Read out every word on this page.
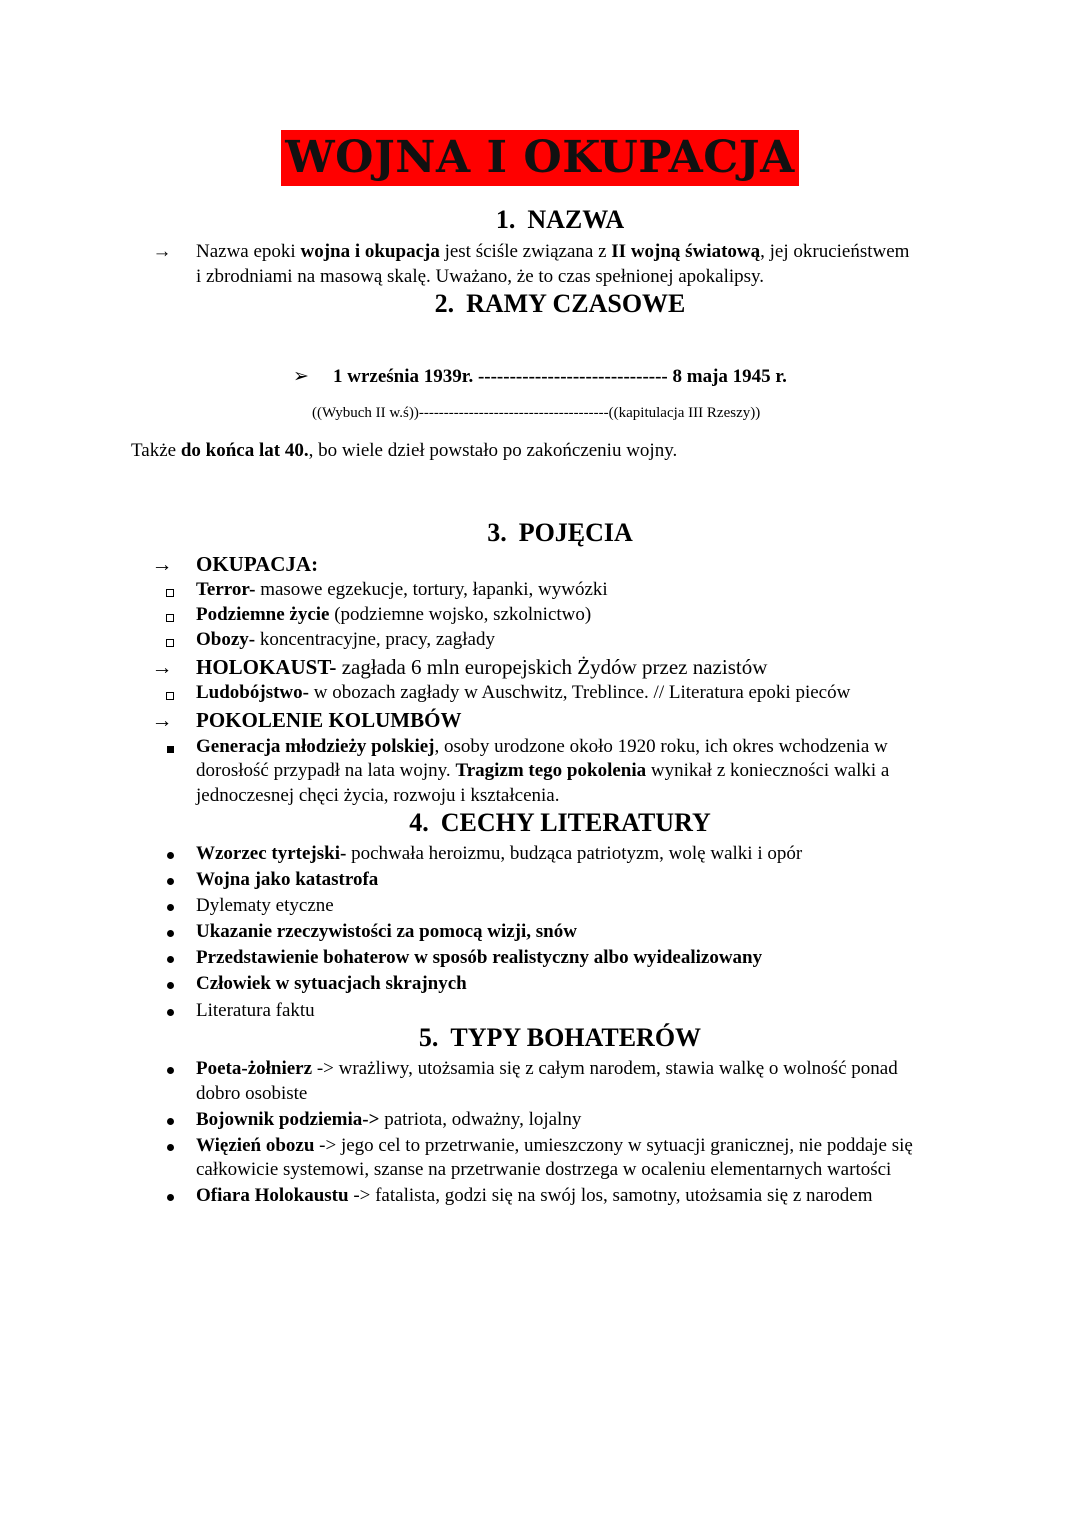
WOJNA I OKUPACJA
1. NAZWA
→ Nazwa epoki wojna i okupacja jest ściśle związana z II wojną światową, jej okrucieństwem
i zbrodniami na masową skalę. Uważano, że to czas spełnionej apokalipsy.
2. RAMY CZASOWE
➢	1 września 1939r. ------------------------------ 8 maja 1945 r.
((Wybuch II w.ś))--------------------------------------((kapitulacja III Rzeszy))
Także do końca lat 40., bo wiele dzieł powstało po zakończeniu wojny.
3. POJĘCIA
→ OKUPACJA:
Terror- masowe egzekucje, tortury, łapanki, wywózki
Podziemne życie (podziemne wojsko, szkolnictwo)
Obozy- koncentracyjne, pracy, zagłady
→ HOLOKAUST- zagłada 6 mln europejskich Żydów przez nazistów
Ludobójstwo- w obozach zagłady w Auschwitz, Treblince. // Literatura epoki pieców
→ POKOLENIE KOLUMBÓW
Generacja młodzieży polskiej, osoby urodzone około 1920 roku, ich okres wchodzenia w
dorosłość przypadł na lata wojny. Tragizm tego pokolenia wynikał z konieczności walki a
jednoczesnej chęci życia, rozwoju i kształcenia.
4. CECHY LITERATURY
Wzorzec tyrtejski- pochwała heroizmu, budząca patriotyzm, wolę walki i opór
Wojna jako katastrofa
Dylematy etyczne
Ukazanie rzeczywistości za pomocą wizji, snów
Przedstawienie bohaterow w sposób realistyczny albo wyidealizowany
Człowiek w sytuacjach skrajnych
Literatura faktu
5. TYPY BOHATERÓW
Poeta-żołnierz -> wrażliwy, utożsamia się z całym narodem, stawia walkę o wolność ponad
dobro osobiste
Bojownik podziemia-> patriota, odważny, lojalny
Więzień obozu -> jego cel to przetrwanie, umieszczony w sytuacji granicznej, nie poddaje się
całkowicie systemowi, szanse na przetrwanie dostrzega w ocaleniu elementarnych wartości
Ofiara Holokaustu -> fatalista, godzi się na swój los, samotny, utożsamia się z narodem
